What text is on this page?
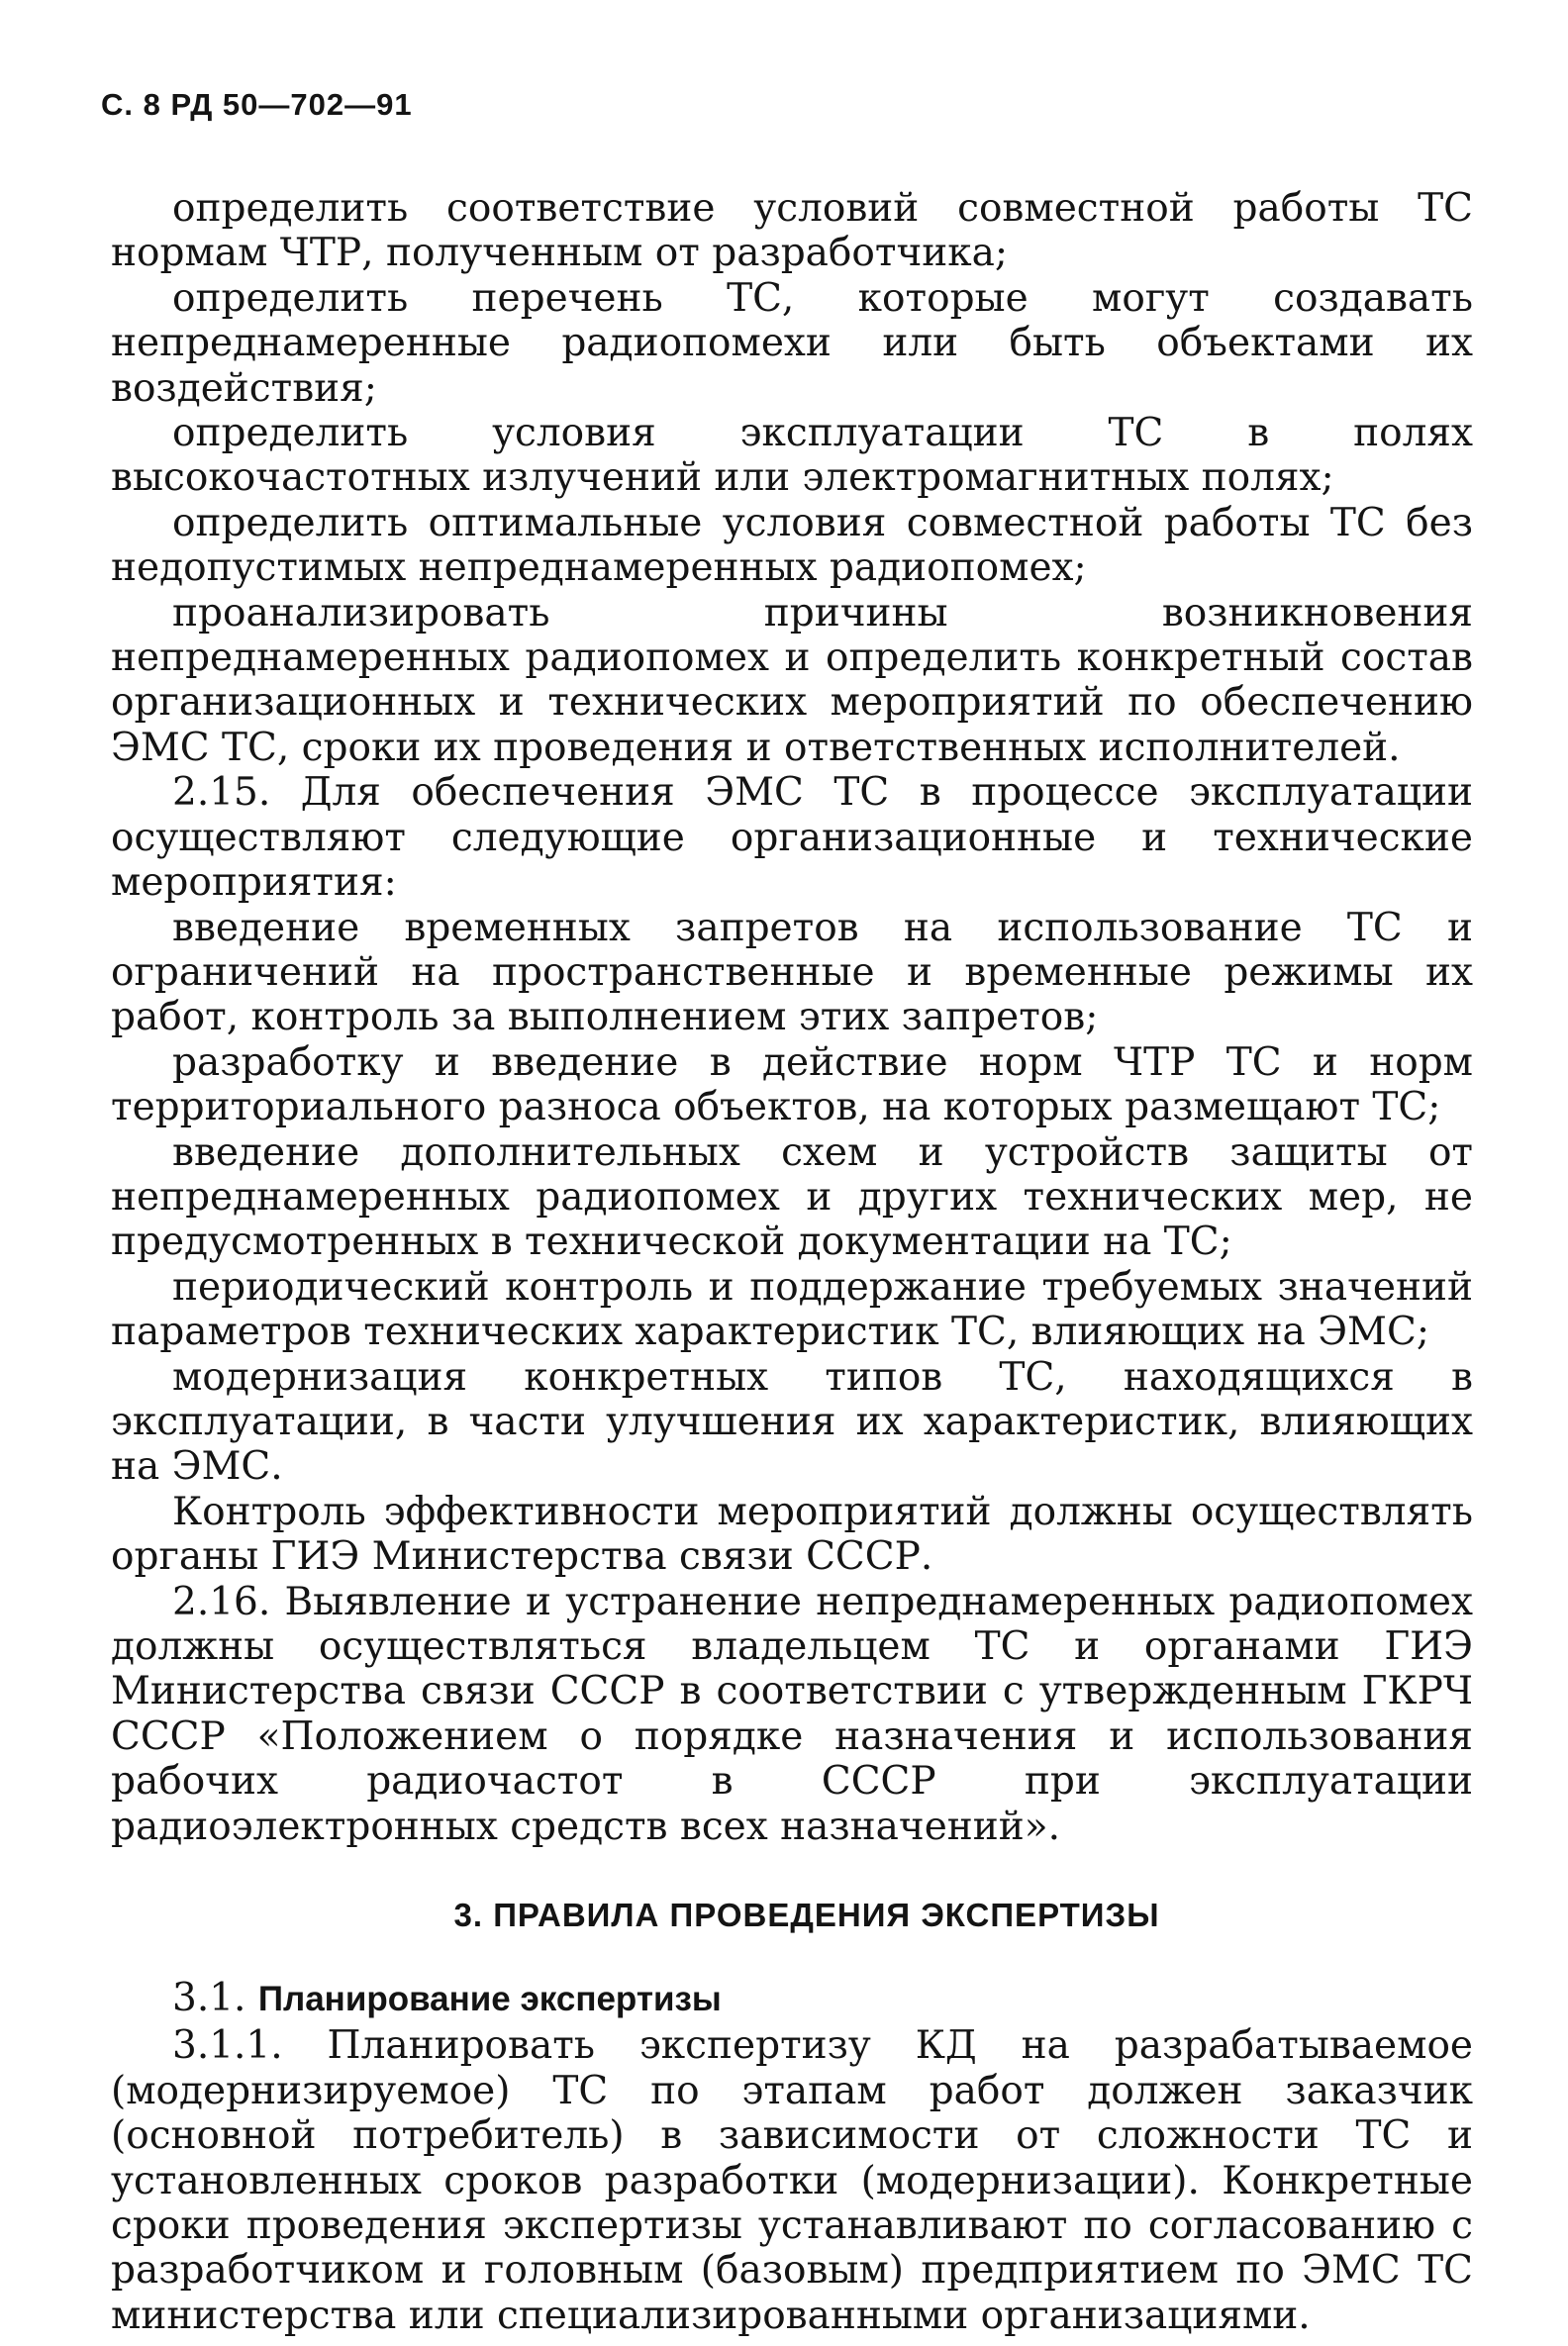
С. 8 РД 50—702—91

определить соответствие условий совместной работы ТС нормам ЧТР, полученным от разработчика;

определить перечень ТС, которые могут создавать непреднамеренные радиопомехи или быть объектами их воздействия;

определить условия эксплуатации ТС в полях высокочастотных излучений или электромагнитных полях;

определить оптимальные условия совместной работы ТС без недопустимых непреднамеренных радиопомех;

проанализировать причины возникновения непреднамеренных радиопомех и определить конкретный состав организационных и технических мероприятий по обеспечению ЭМС ТС, сроки их проведения и ответственных исполнителей.

2.15. Для обеспечения ЭМС ТС в процессе эксплуатации осуществляют следующие организационные и технические мероприятия:

введение временных запретов на использование ТС и ограничений на пространственные и временные режимы их работ, контроль за выполнением этих запретов;

разработку и введение в действие норм ЧТР ТС и норм территориального разноса объектов, на которых размещают ТС;

введение дополнительных схем и устройств защиты от непреднамеренных радиопомех и других технических мер, не предусмотренных в технической документации на ТС;

периодический контроль и поддержание требуемых значений параметров технических характеристик ТС, влияющих на ЭМС;

модернизация конкретных типов ТС, находящихся в эксплуатации, в части улучшения их характеристик, влияющих на ЭМС.

Контроль эффективности мероприятий должны осуществлять органы ГИЭ Министерства связи СССР.

2.16. Выявление и устранение непреднамеренных радиопомех должны осуществляться владельцем ТС и органами ГИЭ Министерства связи СССР в соответствии с утвержденным ГКРЧ СССР «Положением о порядке назначения и использования рабочих радиочастот в СССР при эксплуатации радиоэлектронных средств всех назначений».

3. ПРАВИЛА ПРОВЕДЕНИЯ ЭКСПЕРТИЗЫ

3.1. Планирование экспертизы

3.1.1. Планировать экспертизу КД на разрабатываемое (модернизируемое) ТС по этапам работ должен заказчик (основной потребитель) в зависимости от сложности ТС и установленных сроков разработки (модернизации). Конкретные сроки проведения экспертизы устанавливают по согласованию с разработчиком и головным (базовым) предприятием по ЭМС ТС министерства или специализированными организациями.
